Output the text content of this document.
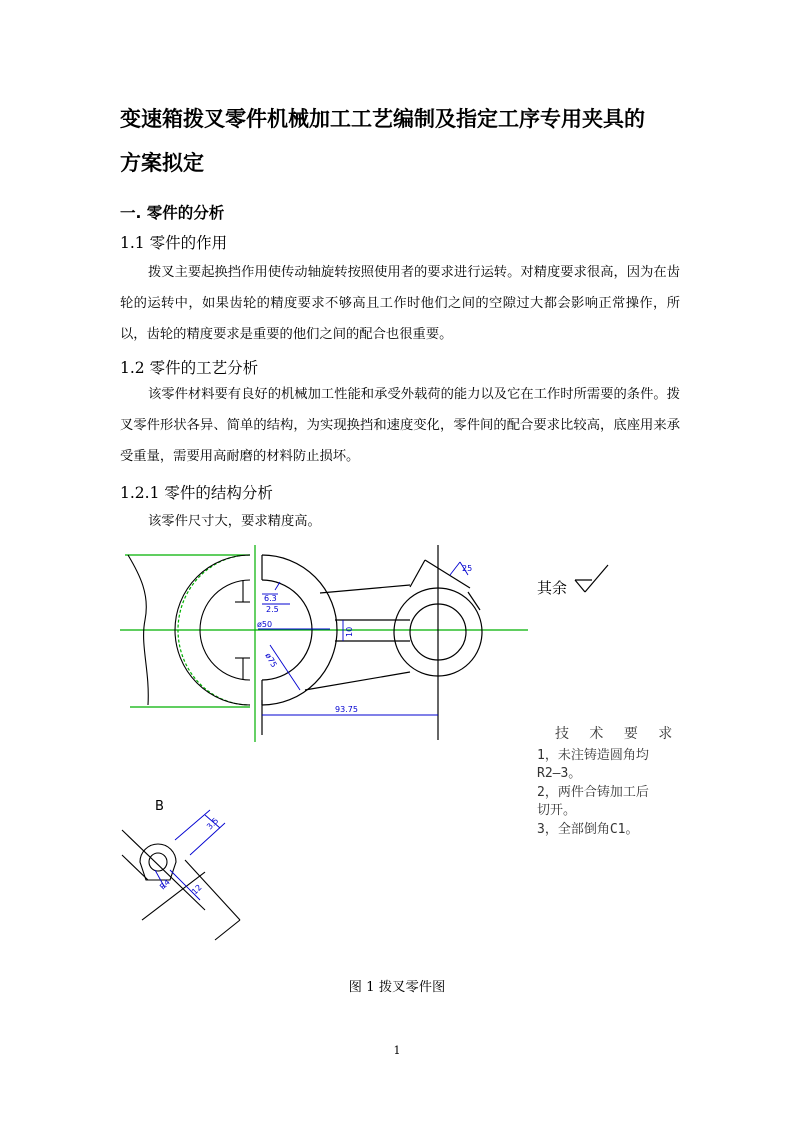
变速箱拨叉零件机械加工工艺编制及指定工序专用夹具的
方案拟定
一. 零件的分析
1.1 零件的作用
拨叉主要起换挡作用使传动轴旋转按照使用者的要求进行运转。对精度要求很高，因为在齿轮的运转中，如果齿轮的精度要求不够高且工作时他们之间的空隙过大都会影响正常操作，所以，齿轮的精度要求是重要的他们之间的配合也很重要。
1.2 零件的工艺分析
该零件材料要有良好的机械加工性能和承受外载荷的能力以及它在工作时所需要的条件。拨叉零件形状各异、简单的结构，为实现换挡和速度变化，零件间的配合要求比较高，底座用来承受重量，需要用高耐磨的材料防止损坏。
1.2.1 零件的结构分析
该零件尺寸大，要求精度高。
6.3
2.5
ø50
ø75
10
93.75
25
其余
B
3.5
12
R4
技 术 要 求
1，未注铸造圆角均
R2—3。
2，两件合铸加工后
切开。
3，全部倒角C1。
图 1 拨叉零件图
1
